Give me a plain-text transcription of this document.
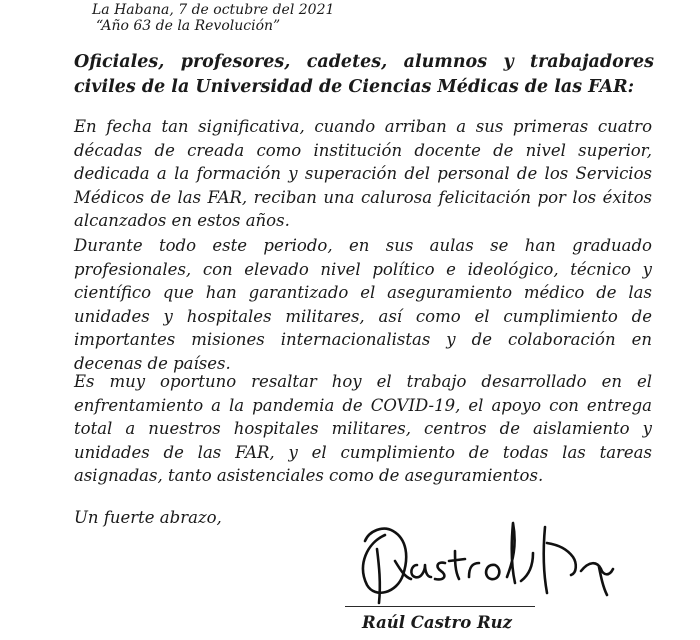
La Habana, 7 de octubre del 2021
“Año 63 de la Revolución”
Oficiales, profesores, cadetes, alumnos y trabajadores civiles de la Universidad de Ciencias Médicas de las FAR:

En fecha tan significativa, cuando arriban a sus primeras cuatro décadas de creada como institución docente de nivel superior, dedicada a la formación y superación del personal de los Servicios Médicos de las FAR, reciban una calurosa felicitación por los éxitos alcanzados en estos años.

Durante todo este periodo, en sus aulas se han graduado profesionales, con elevado nivel político e ideológico, técnico y científico que han garantizado el aseguramiento médico de las unidades y hospitales militares, así como el cumplimiento de importantes misiones internacionalistas y de colaboración en decenas de países.

Es muy oportuno resaltar hoy el trabajo desarrollado en el enfrentamiento a la pandemia de COVID-19, el apoyo con entrega total a nuestros hospitales militares, centros de aislamiento y unidades de las FAR, y el cumplimiento de todas las tareas asignadas, tanto asistenciales como de aseguramientos.

Un fuerte abrazo,
Raúl Castro Ruz
